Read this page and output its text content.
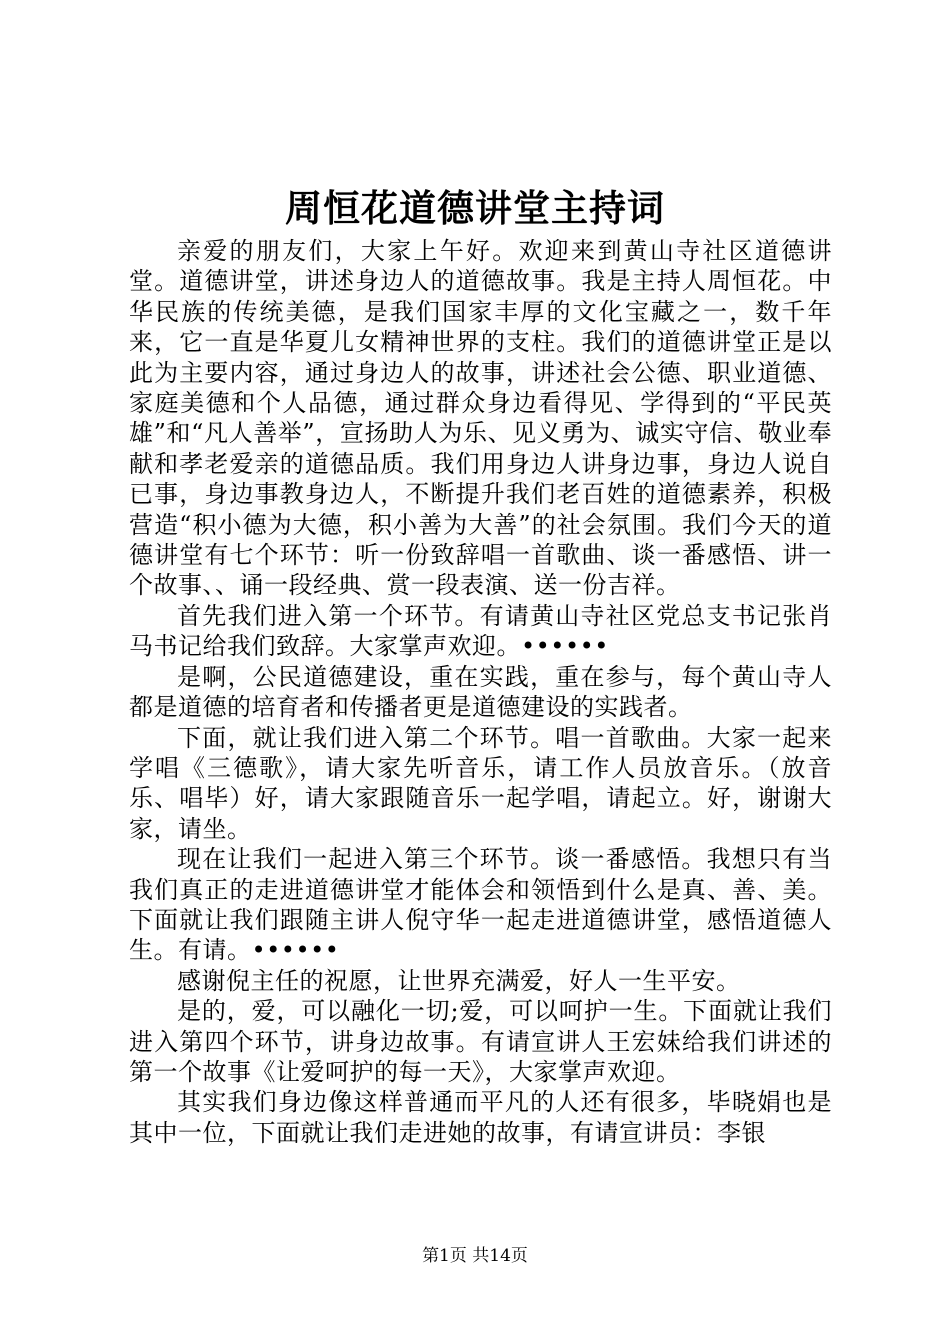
周恒花道德讲堂主持词

亲爱的朋友们，大家上午好。欢迎来到黄山寺社区道德讲堂。道德讲堂，讲述身边人的道德故事。我是主持人周恒花。中华民族的传统美德，是我们国家丰厚的文化宝藏之一，数千年来，它一直是华夏儿女精神世界的支柱。我们的道德讲堂正是以此为主要内容，通过身边人的故事，讲述社会公德、职业道德、家庭美德和个人品德，通过群众身边看得见、学得到的“平民英雄”和“凡人善举”，宣扬助人为乐、见义勇为、诚实守信、敬业奉献和孝老爱亲的道德品质。我们用身边人讲身边事，身边人说自已事，身边事教身边人，不断提升我们老百姓的道德素养，积极营造“积小德为大德，积小善为大善”的社会氛围。我们今天的道德讲堂有七个环节：听一份致辞唱一首歌曲、谈一番感悟、讲一个故事、、诵一段经典、赏一段表演、送一份吉祥。

首先我们进入第一个环节。有请黄山寺社区党总支书记张肖马书记给我们致辞。大家掌声欢迎。••••••

是啊，公民道德建设，重在实践，重在参与，每个黄山寺人都是道德的培育者和传播者更是道德建设的实践者。

下面，就让我们进入第二个环节。唱一首歌曲。大家一起来学唱《三德歌》，请大家先听音乐，请工作人员放音乐。（放音乐、唱毕）好，请大家跟随音乐一起学唱，请起立。好，谢谢大家，请坐。

现在让我们一起进入第三个环节。谈一番感悟。我想只有当我们真正的走进道德讲堂才能体会和领悟到什么是真、善、美。下面就让我们跟随主讲人倪守华一起走进道德讲堂，感悟道德人生。有请。••••••

感谢倪主任的祝愿，让世界充满爱，好人一生平安。

是的，爱，可以融化一切;爱，可以呵护一生。下面就让我们进入第四个环节，讲身边故事。有请宣讲人王宏妹给我们讲述的第一个故事《让爱呵护的每一天》，大家掌声欢迎。

其实我们身边像这样普通而平凡的人还有很多，毕晓娟也是其中一位，下面就让我们走进她的故事，有请宣讲员：李银

第1页 共14页
